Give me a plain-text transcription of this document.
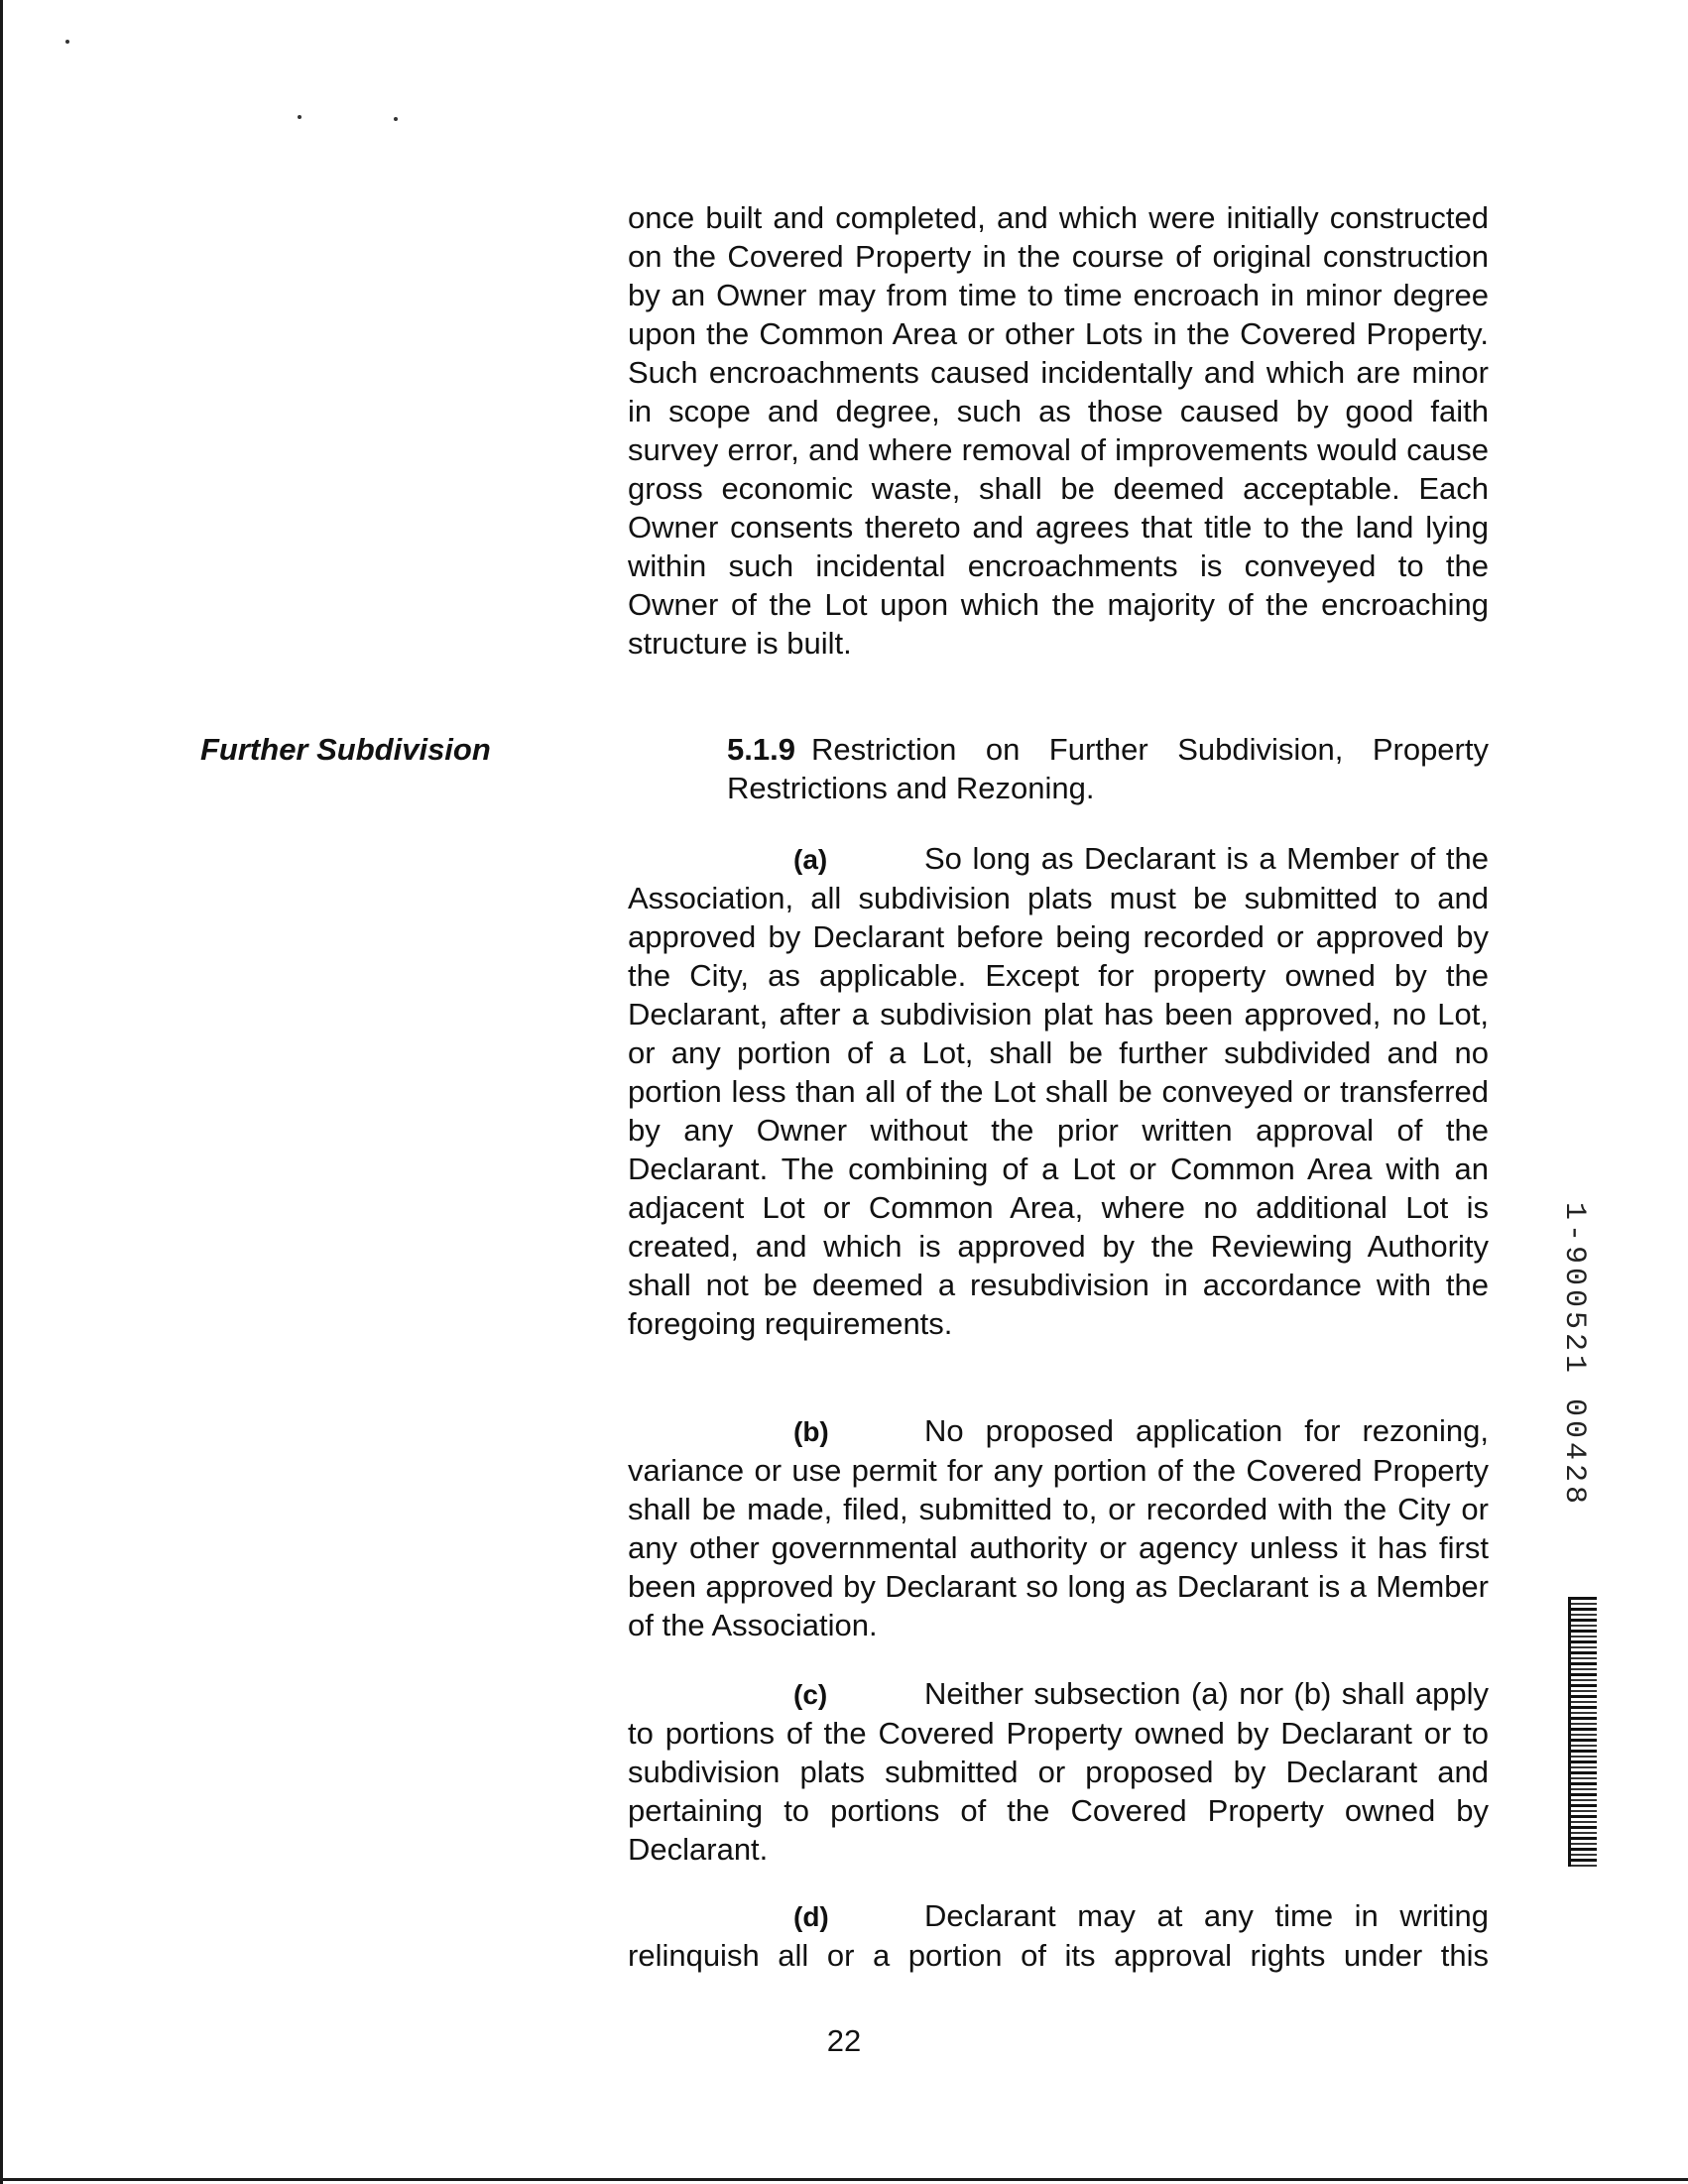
once built and completed, and which were initially constructed on the Covered Property in the course of original construction by an Owner may from time to time encroach in minor degree upon the Common Area or other Lots in the Covered Property. Such encroachments caused incidentally and which are minor in scope and degree, such as those caused by good faith survey error, and where removal of improvements would cause gross economic waste, shall be deemed acceptable. Each Owner consents thereto and agrees that title to the land lying within such incidental encroachments is conveyed to the Owner of the Lot upon which the majority of the encroaching structure is built.

Further Subdivision	5.1.9 Restriction on Further Subdivision, Property Restrictions and Rezoning.

(a)	So long as Declarant is a Member of the Association, all subdivision plats must be submitted to and approved by Declarant before being recorded or approved by the City, as applicable. Except for property owned by the Declarant, after a subdivision plat has been approved, no Lot, or any portion of a Lot, shall be further subdivided and no portion less than all of the Lot shall be conveyed or transferred by any Owner without the prior written approval of the Declarant. The combining of a Lot or Common Area with an adjacent Lot or Common Area, where no additional Lot is created, and which is approved by the Reviewing Authority shall not be deemed a resubdivision in accordance with the foregoing requirements.

(b)	No proposed application for rezoning, variance or use permit for any portion of the Covered Property shall be made, filed, submitted to, or recorded with the City or any other governmental authority or agency unless it has first been approved by Declarant so long as Declarant is a Member of the Association.

(c)	Neither subsection (a) nor (b) shall apply to portions of the Covered Property owned by Declarant or to subdivision plats submitted or proposed by Declarant and pertaining to portions of the Covered Property owned by Declarant.

(d)	Declarant may at any time in writing relinquish all or a portion of its approval rights under this

22
1-900521 00428
